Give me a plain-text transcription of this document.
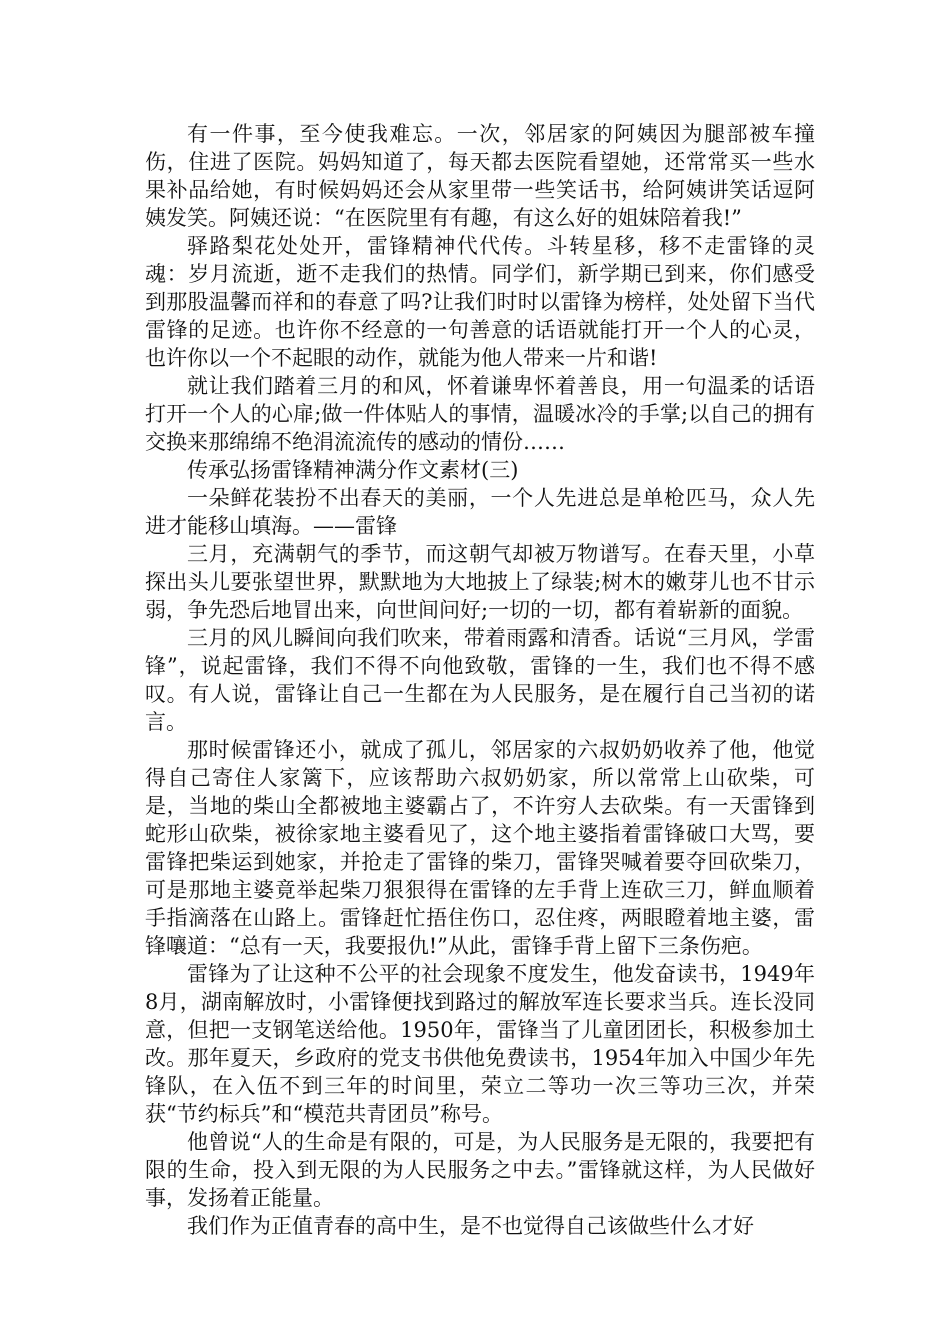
有一件事，至今使我难忘。一次，邻居家的阿姨因为腿部被车撞伤，住进了医院。妈妈知道了，每天都去医院看望她，还常常买一些水果补品给她，有时候妈妈还会从家里带一些笑话书，给阿姨讲笑话逗阿姨发笑。阿姨还说：“在医院里有有趣，有这么好的姐妹陪着我!”

驿路梨花处处开，雷锋精神代代传。斗转星移，移不走雷锋的灵魂：岁月流逝，逝不走我们的热情。同学们，新学期已到来，你们感受到那股温馨而祥和的春意了吗?让我们时时以雷锋为榜样，处处留下当代雷锋的足迹。也许你不经意的一句善意的话语就能打开一个人的心灵，也许你以一个不起眼的动作，就能为他人带来一片和谐!

就让我们踏着三月的和风，怀着谦卑怀着善良，用一句温柔的话语打开一个人的心扉;做一件体贴人的事情，温暖冰冷的手掌;以自己的拥有交换来那绵绵不绝涓流流传的感动的情份……

传承弘扬雷锋精神满分作文素材(三)

一朵鲜花装扮不出春天的美丽，一个人先进总是单枪匹马，众人先进才能移山填海。——雷锋

三月，充满朝气的季节，而这朝气却被万物谱写。在春天里，小草探出头儿要张望世界，默默地为大地披上了绿装;树木的嫩芽儿也不甘示弱，争先恐后地冒出来，向世间问好;一切的一切，都有着崭新的面貌。

三月的风儿瞬间向我们吹来，带着雨露和清香。话说“三月风，学雷锋”，说起雷锋，我们不得不向他致敬，雷锋的一生，我们也不得不感叹。有人说，雷锋让自己一生都在为人民服务，是在履行自己当初的诺言。

那时候雷锋还小，就成了孤儿，邻居家的六叔奶奶收养了他，他觉得自己寄住人家篱下，应该帮助六叔奶奶家，所以常常上山砍柴，可是，当地的柴山全都被地主婆霸占了，不许穷人去砍柴。有一天雷锋到蛇形山砍柴，被徐家地主婆看见了，这个地主婆指着雷锋破口大骂，要雷锋把柴运到她家，并抢走了雷锋的柴刀，雷锋哭喊着要夺回砍柴刀，可是那地主婆竟举起柴刀狠狠得在雷锋的左手背上连砍三刀，鲜血顺着手指滴落在山路上。雷锋赶忙捂住伤口，忍住疼，两眼瞪着地主婆，雷锋嚷道：“总有一天，我要报仇!”从此，雷锋手背上留下三条伤疤。

雷锋为了让这种不公平的社会现象不度发生，他发奋读书，1949年8月，湖南解放时，小雷锋便找到路过的解放军连长要求当兵。连长没同意，但把一支钢笔送给他。1950年，雷锋当了儿童团团长，积极参加土改。那年夏天，乡政府的党支书供他免费读书，1954年加入中国少年先锋队，在入伍不到三年的时间里，荣立二等功一次三等功三次，并荣获“节约标兵”和“模范共青团员”称号。

他曾说“人的生命是有限的，可是，为人民服务是无限的，我要把有限的生命，投入到无限的为人民服务之中去。”雷锋就这样，为人民做好事，发扬着正能量。

我们作为正值青春的高中生，是不也觉得自己该做些什么才好
